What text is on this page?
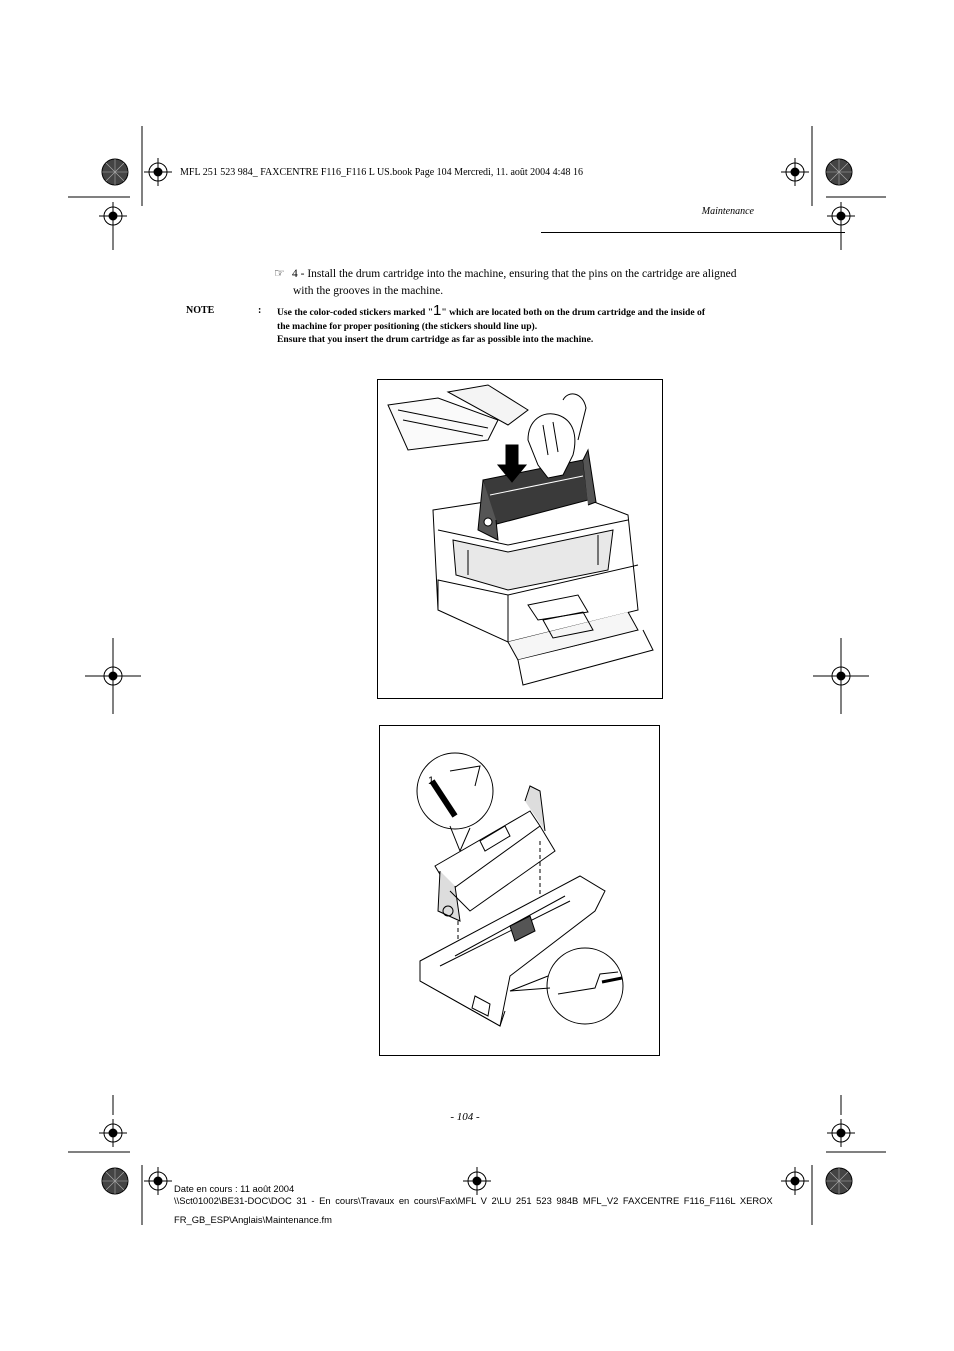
MFL 251 523 984_ FAXCENTRE F116_F116 L US.book Page 104 Mercredi, 11. août 2004 4:48 16
Maintenance
☞ 4 - Install the drum cartridge into the machine, ensuring that the pins on the cartridge are aligned
with the grooves in the machine.
NOTE	: Use the color-coded stickers marked "1" which are located both on the drum cartridge and the inside of
the machine for proper positioning (the stickers should line up).
Ensure that you insert the drum cartridge as far as possible into the machine.
1
- 104 -
Date en cours : 11 août 2004
\\Sct01002\BE31-DOC\DOC 31 - En cours\Travaux en cours\Fax\MFL V 2\LU 251 523 984B MFL_V2 FAXCENTRE F116_F116L XEROX
FR_GB_ESP\Anglais\Maintenance.fm
